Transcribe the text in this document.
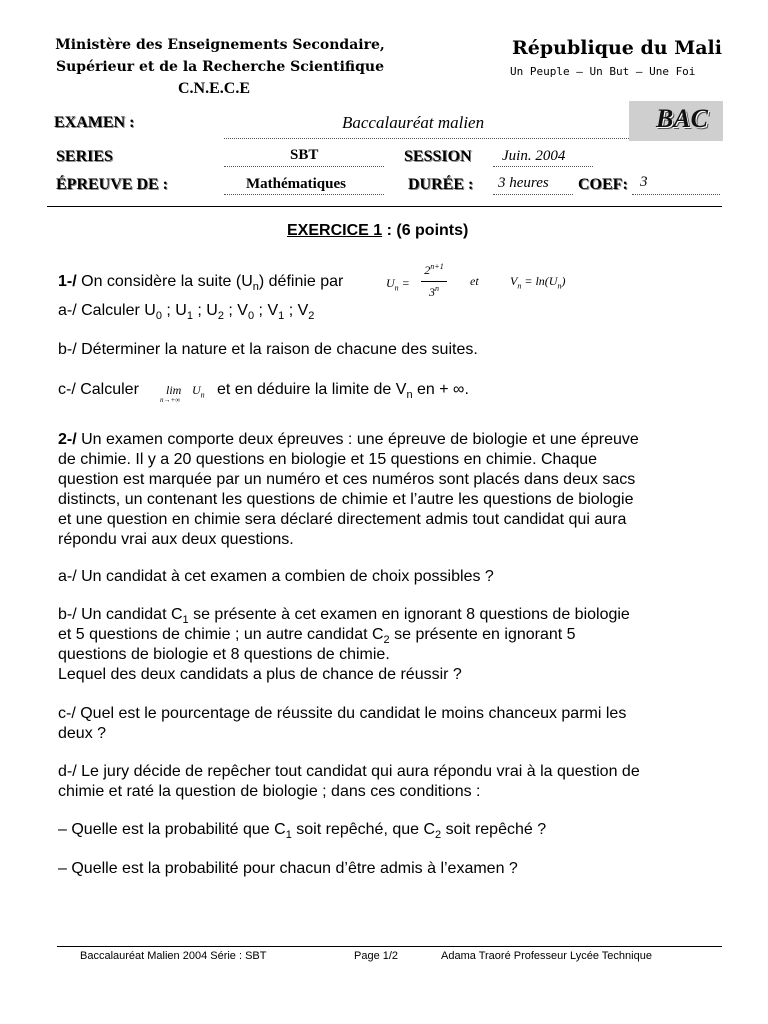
Ministère des Enseignements Secondaire,
Supérieur et de la Recherche Scientifique
C.N.E.C.E
République du Mali
Un Peuple – Un But – Une Foi
EXAMEN :	Baccalauréat malien	BAC
SERIES	SBT	SESSION Juin. 2004
ÉPREUVE DE :	Mathématiques	DURÉE : 3 heures COEF: 3
EXERCICE 1 : (6 points)
1-/ On considère la suite $(U_n)$ définie par	$U_n$ =
$2^{n+1}$
3$^n$
et	$V_n = \ln(U_n)$
a-/ Calculer $U_0$ ; $U_1$ ; $U_2$ ; $V_0$ ; $V_1$ ; $V_2$
b-/ Déterminer la nature et la raison de chacune des suites.
c-/ Calculer lim
n→+∞
$U_n$ et en déduire la limite de $V_n$ en + ∞.
2-/ Un examen comporte deux épreuves : une épreuve de biologie et une épreuve
de chimie. Il y a 20 questions en biologie et 15 questions en chimie. Chaque
question est marquée par un numéro et ces numéros sont placés dans deux sacs
distincts, un contenant les questions de chimie et l’autre les questions de biologie
et une question en chimie sera déclaré directement admis tout candidat qui aura
répondu vrai aux deux questions.
a-/ Un candidat à cet examen a combien de choix possibles ?
b-/ Un candidat $C_1$ se présente à cet examen en ignorant 8 questions de biologie
et 5 questions de chimie ; un autre candidat $C_2$ se présente en ignorant 5
questions de biologie et 8 questions de chimie.
Lequel des deux candidats a plus de chance de réussir ?
c-/ Quel est le pourcentage de réussite du candidat le moins chanceux parmi les
deux ?
d-/ Le jury décide de repêcher tout candidat qui aura répondu vrai à la question de
chimie et raté la question de biologie ; dans ces conditions :
– Quelle est la probabilité que $C_1$ soit repêché, que $C_2$ soit repêché ?
– Quelle est la probabilité pour chacun d’être admis à l’examen ?
Baccalauréat Malien 2004 Série : SBT	Page 1/2	Adama Traoré Professeur Lycée Technique
